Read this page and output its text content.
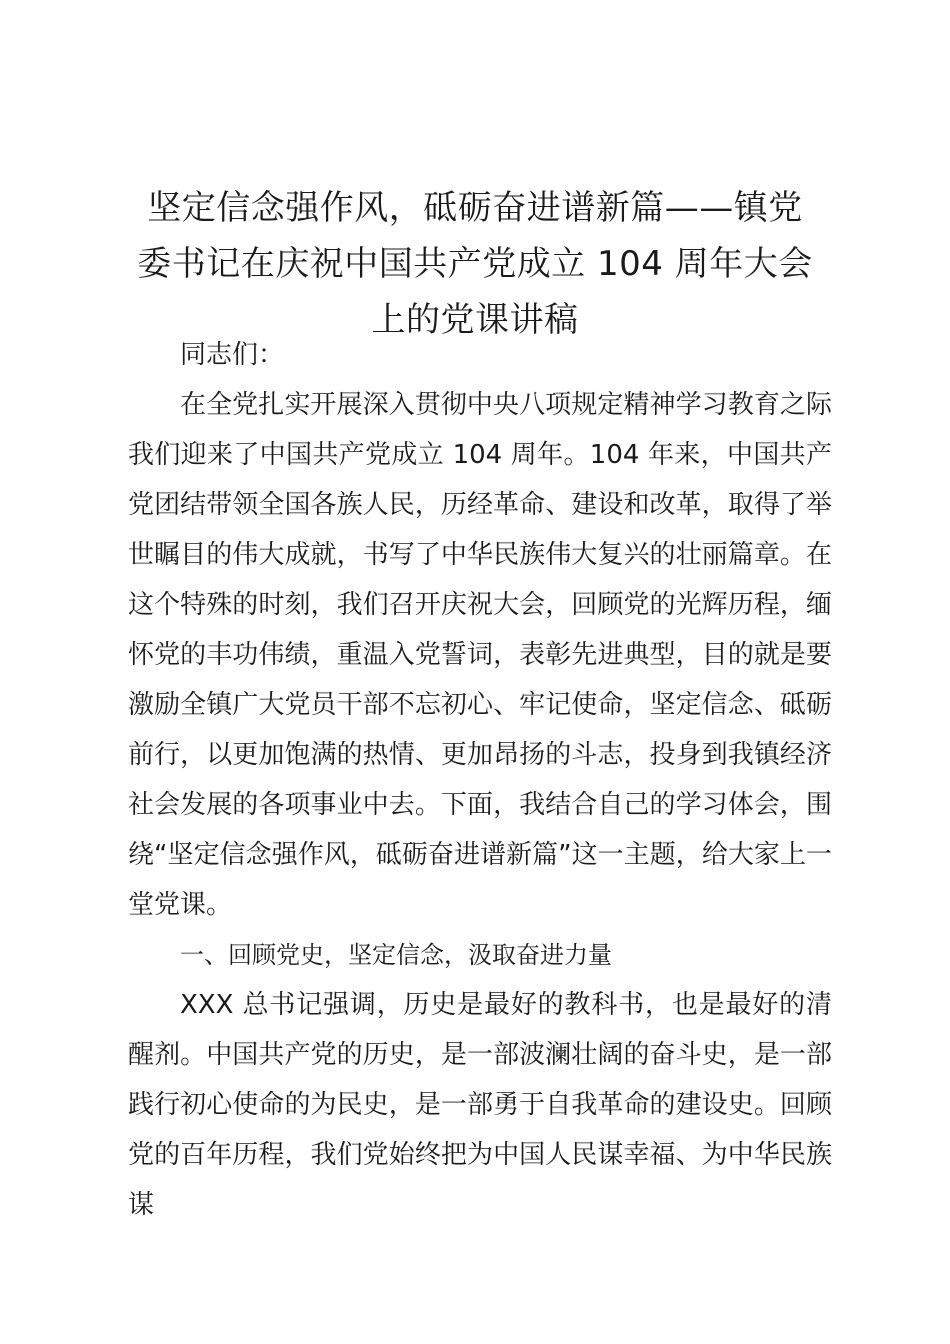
坚定信念强作风，砥砺奋进谱新篇——镇党
委书记在庆祝中国共产党成立 104 周年大会
上的党课讲稿

同志们：

在全党扎实开展深入贯彻中央八项规定精神学习教育之际我们迎来了中国共产党成立 104 周年。104 年来，中国共产党团结带领全国各族人民，历经革命、建设和改革，取得了举世瞩目的伟大成就，书写了中华民族伟大复兴的壮丽篇章。在这个特殊的时刻，我们召开庆祝大会，回顾党的光辉历程，缅怀党的丰功伟绩，重温入党誓词，表彰先进典型，目的就是要激励全镇广大党员干部不忘初心、牢记使命，坚定信念、砥砺前行，以更加饱满的热情、更加昂扬的斗志，投身到我镇经济社会发展的各项事业中去。下面，我结合自己的学习体会，围绕“坚定信念强作风，砥砺奋进谱新篇”这一主题，给大家上一堂党课。

一、回顾党史，坚定信念，汲取奋进力量

XXX 总书记强调，历史是最好的教科书，也是最好的清醒剂。中国共产党的历史，是一部波澜壮阔的奋斗史，是一部践行初心使命的为民史，是一部勇于自我革命的建设史。回顾党的百年历程，我们党始终把为中国人民谋幸福、为中华民族谋
